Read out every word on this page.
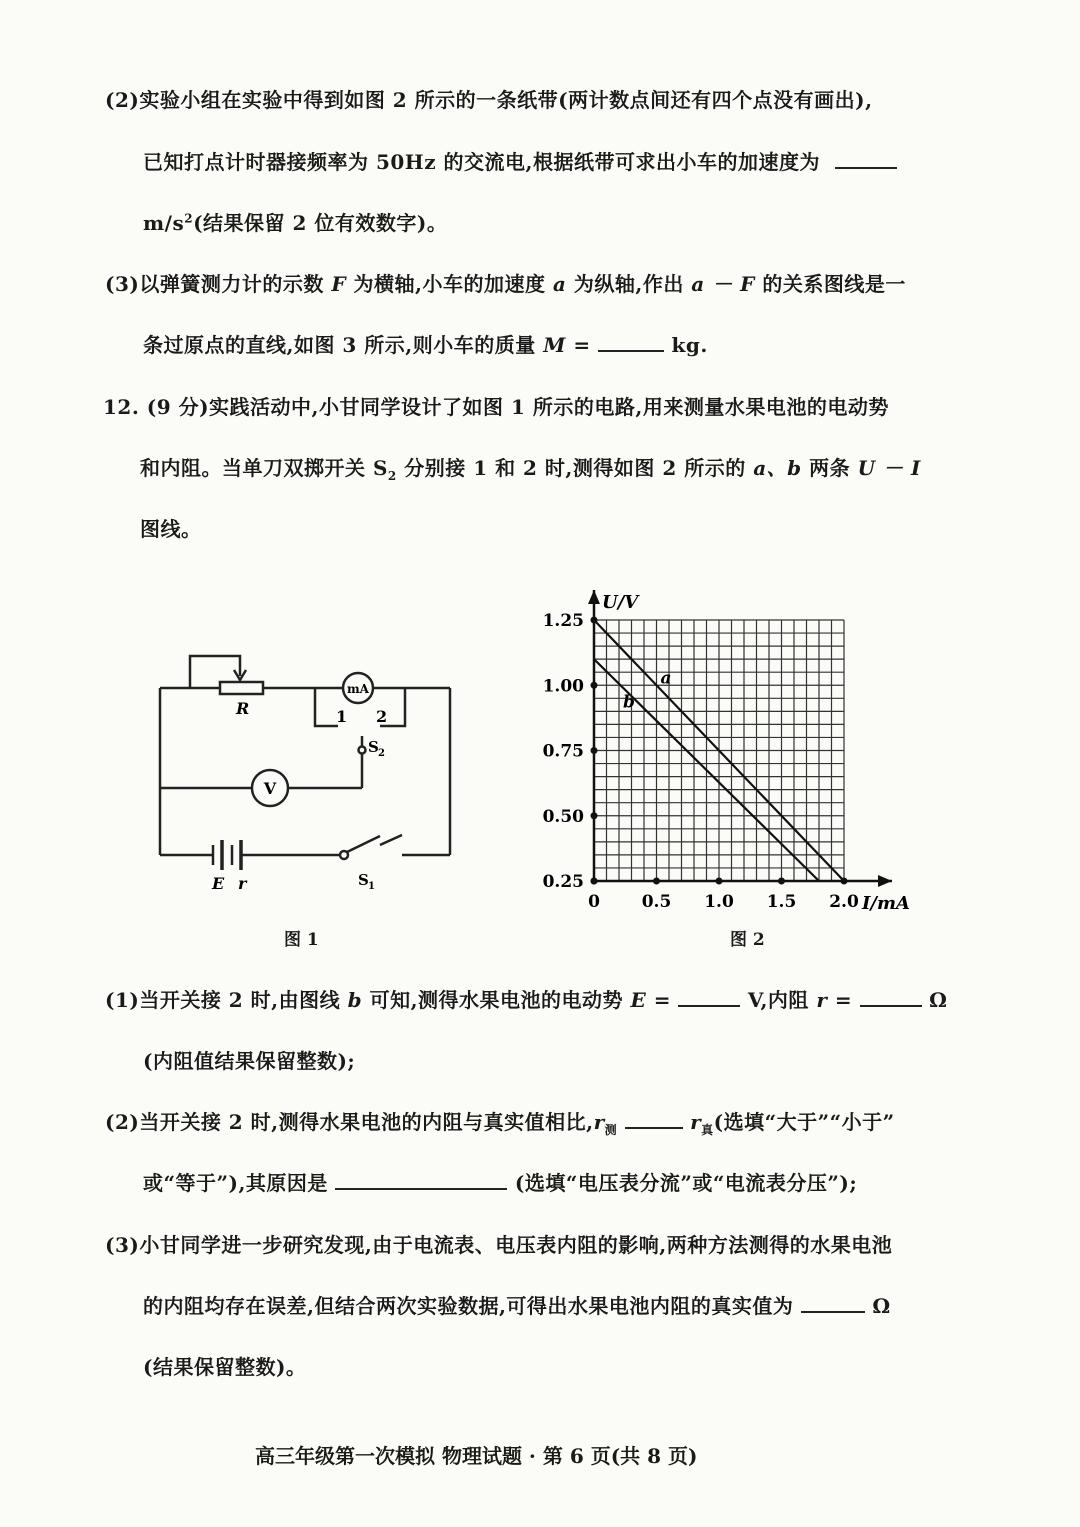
(2)实验小组在实验中得到如图 2 所示的一条纸带(两计数点间还有四个点没有画出),
已知打点计时器接频率为 50Hz 的交流电,根据纸带可求出小车的加速度为
$m/s^2$(结果保留 2 位有效数字)。
(3)以弹簧测力计的示数 F 为横轴,小车的加速度 a 为纵轴,作出 a － F 的关系图线是一
条过原点的直线,如图 3 所示,则小车的质量 M =	kg.
12. (9 分)实践活动中,小甘同学设计了如图 1 所示的电路,用来测量水果电池的电动势
和内阻。当单刀双掷开关 $S_2$ 分别接 1 和 2 时,测得如图 2 所示的 a、b 两条 U － I
图线。
mA
V
R	1 2
S 2
S 1
E r
图 1
a
b
0 0.5 1.0 1.5 2.0
0.25
0.50
0.75
1.00
1.25
U/V
I/mA
图 2
(1)当开关接 2 时,由图线 b 可知,测得水果电池的电动势 E =	V,内阻 r =	Ω
(内阻值结果保留整数);
(2)当开关接 2 时,测得水果电池的内阻与真实值相比$,r_测$	$r_真$(选填“大于”“小于”
或“等于”),其原因是	(选填“电压表分流”或“电流表分压”);
(3)小甘同学进一步研究发现,由于电流表、电压表内阻的影响,两种方法测得的水果电池
的内阻均存在误差,但结合两次实验数据,可得出水果电池内阻的真实值为	Ω
(结果保留整数)。
高三年级第一次模拟 物理试题 · 第 6 页(共 8 页)
